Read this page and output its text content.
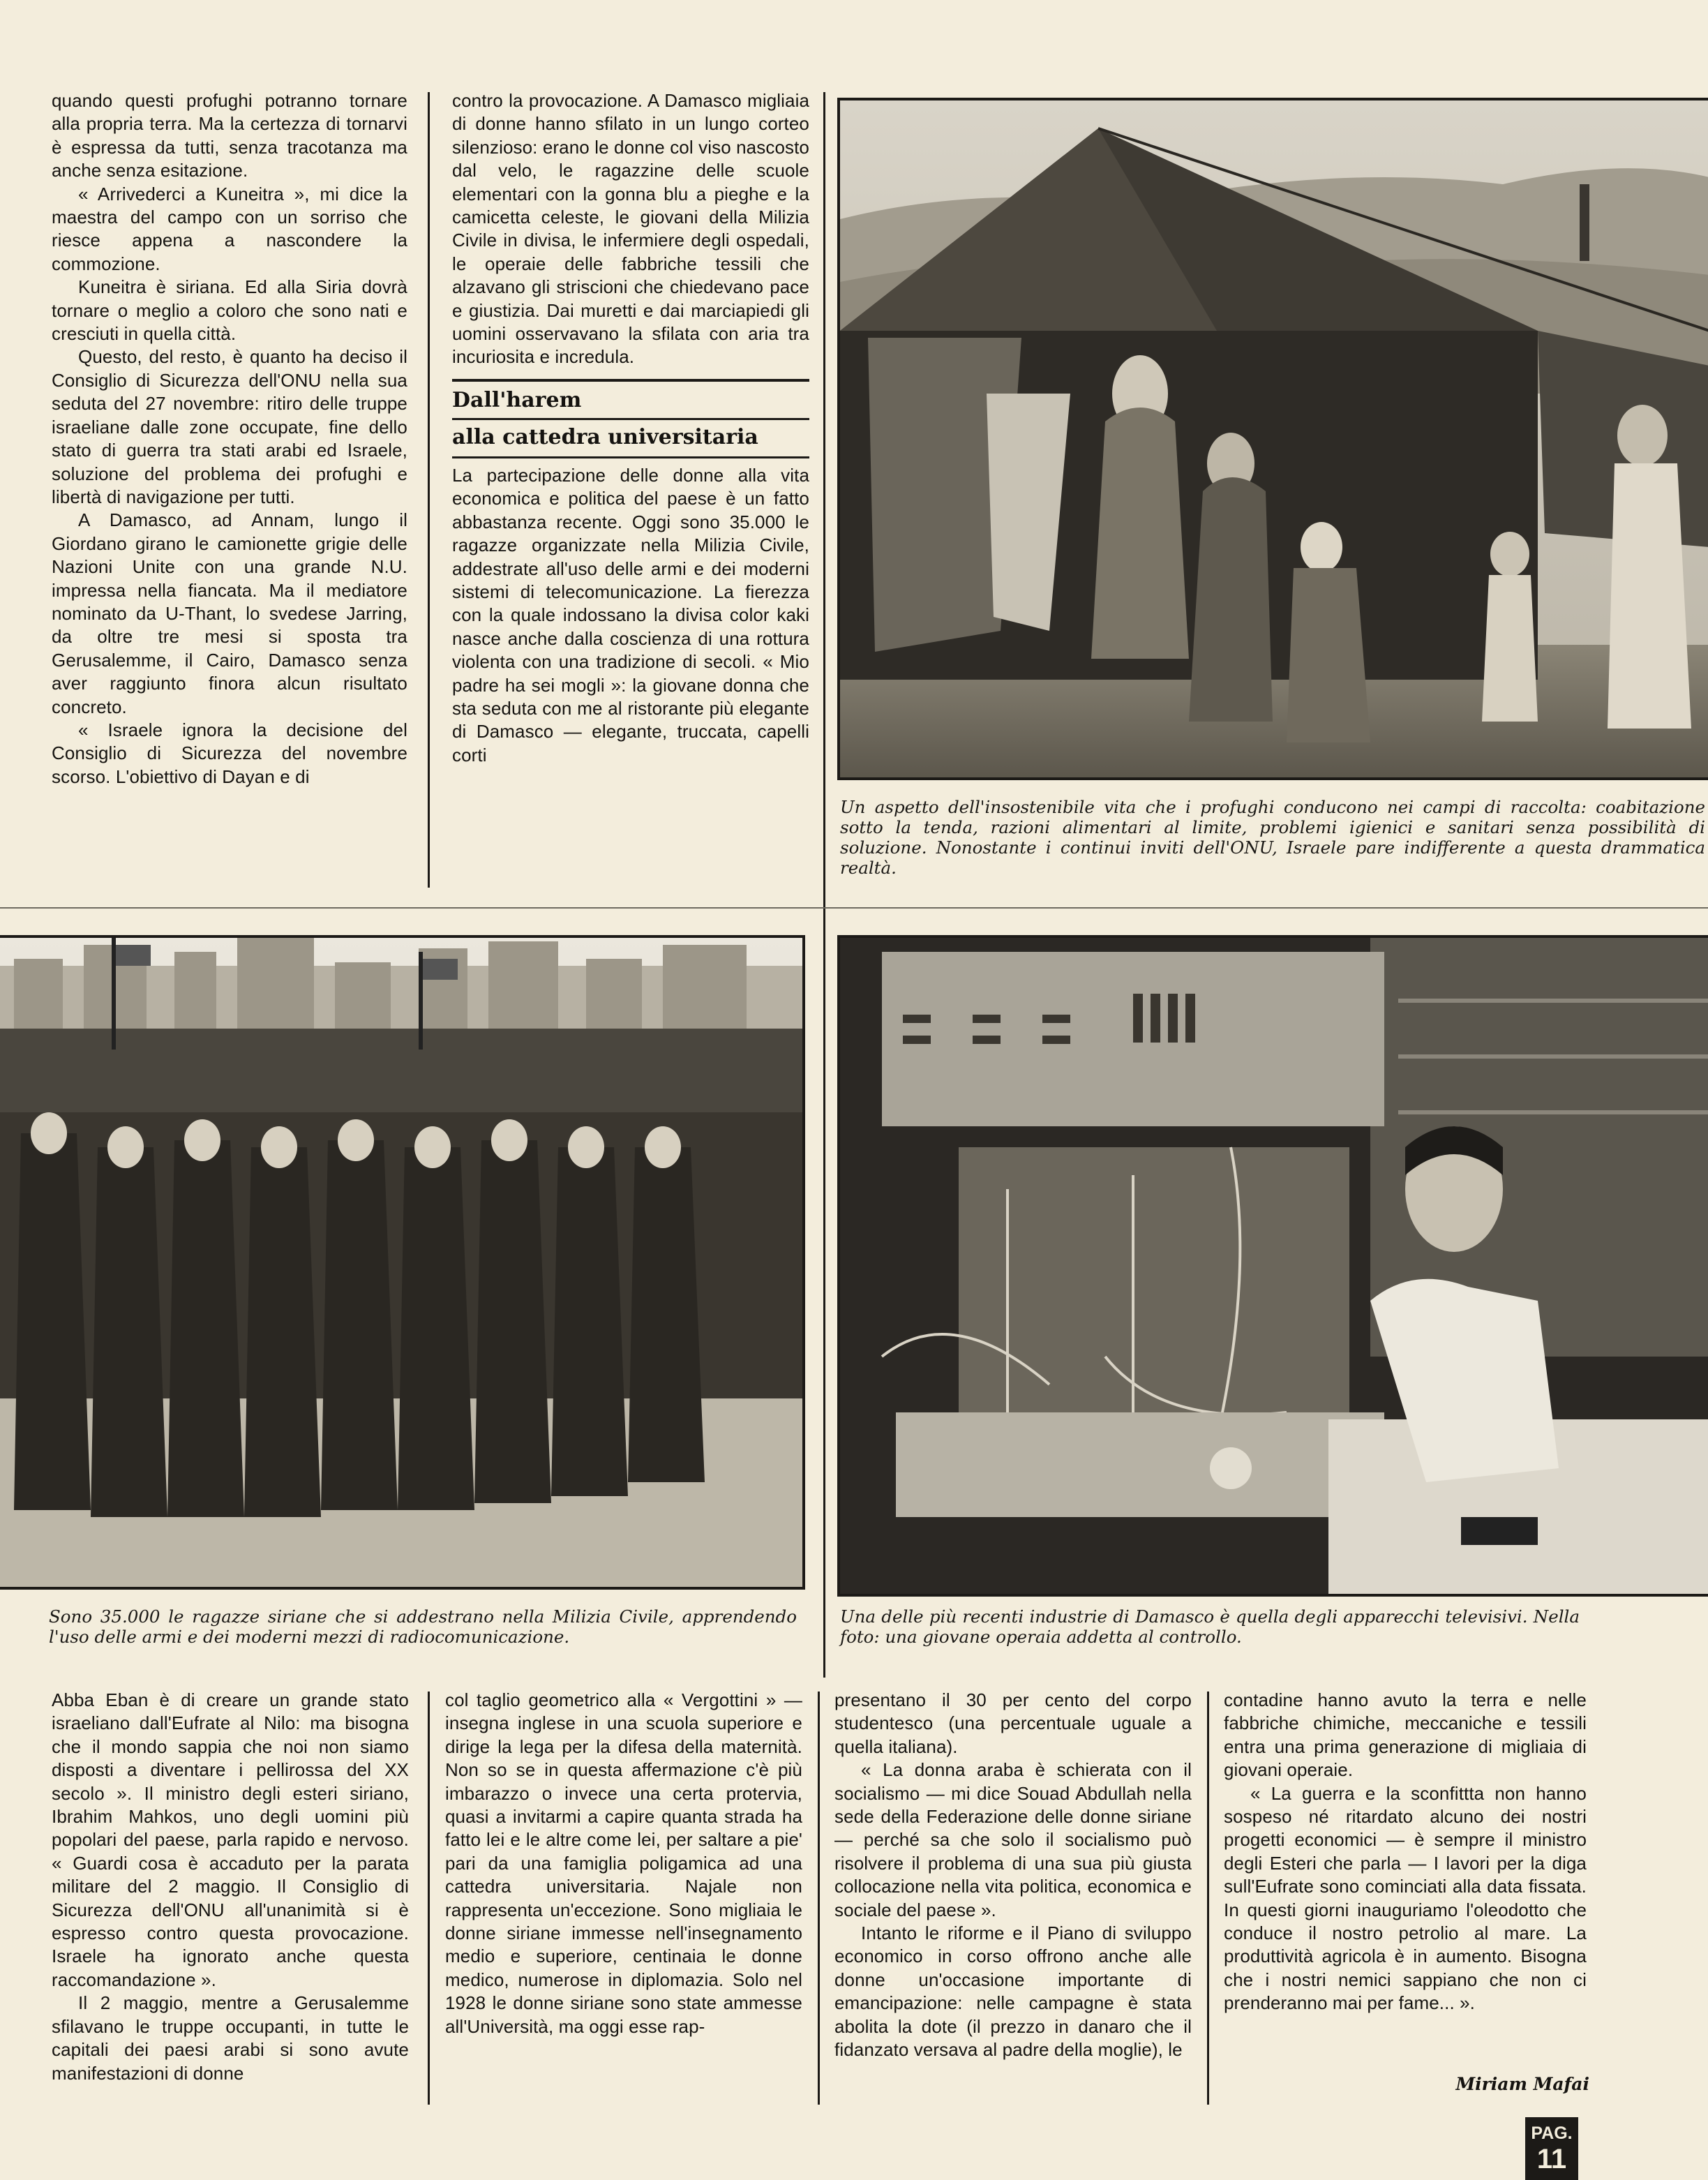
quando questi profughi potranno tornare alla propria terra. Ma la certezza di tornarvi è espressa da tutti, senza tracotanza ma anche senza esitazione.

« Arrivederci a Kuneitra », mi dice la maestra del campo con un sorriso che riesce appena a nascondere la commozione.

Kuneitra è siriana. Ed alla Siria dovrà tornare o meglio a coloro che sono nati e cresciuti in quella città.

Questo, del resto, è quanto ha deciso il Consiglio di Sicurezza dell'ONU nella sua seduta del 27 novembre: ritiro delle truppe israeliane dalle zone occupate, fine dello stato di guerra tra stati arabi ed Israele, soluzione del problema dei profughi e libertà di navigazione per tutti.

A Damasco, ad Annam, lungo il Giordano girano le camionette grigie delle Nazioni Unite con una grande N.U. impressa nella fiancata. Ma il mediatore nominato da U-Thant, lo svedese Jarring, da oltre tre mesi si sposta tra Gerusalemme, il Cairo, Damasco senza aver raggiunto finora alcun risultato concreto.

« Israele ignora la decisione del Consiglio di Sicurezza del novembre scorso. L'obiettivo di Dayan e di

contro la provocazione. A Damasco migliaia di donne hanno sfilato in un lungo corteo silenzioso: erano le donne col viso nascosto dal velo, le ragazzine delle scuole elementari con la gonna blu a pieghe e la camicetta celeste, le giovani della Milizia Civile in divisa, le infermiere degli ospedali, le operaie delle fabbriche tessili che alzavano gli striscioni che chiedevano pace e giustizia. Dai muretti e dai marciapiedi gli uomini osservavano la sfilata con aria tra incuriosita e incredula.

Dall'harem
alla cattedra universitaria

La partecipazione delle donne alla vita economica e politica del paese è un fatto abbastanza recente. Oggi sono 35.000 le ragazze organizzate nella Milizia Civile, addestrate all'uso delle armi e dei moderni sistemi di telecomunicazione. La fierezza con la quale indossano la divisa color kaki nasce anche dalla coscienza di una rottura violenta con una tradizione di secoli. « Mio padre ha sei mogli »: la giovane donna che sta seduta con me al ristorante più elegante di Damasco — elegante, truccata, capelli corti

Un aspetto dell'insostenibile vita che i profughi conducono nei campi di raccolta: coabitazione sotto la tenda, razioni alimentari al limite, problemi igienici e sanitari senza possibilità di soluzione. Nonostante i continui inviti dell'ONU, Israele pare indifferente a questa drammatica realtà.
Sono 35.000 le ragazze siriane che si addestrano nella Milizia Civile, apprendendo l'uso delle armi e dei moderni mezzi di radiocomunicazione.
Una delle più recenti industrie di Damasco è quella degli apparecchi televisivi. Nella foto: una giovane operaia addetta al controllo.

Abba Eban è di creare un grande stato israeliano dall'Eufrate al Nilo: ma bisogna che il mondo sappia che noi non siamo disposti a diventare i pellirossa del XX secolo ». Il ministro degli esteri siriano, Ibrahim Mahkos, uno degli uomini più popolari del paese, parla rapido e nervoso. « Guardi cosa è accaduto per la parata militare del 2 maggio. Il Consiglio di Sicurezza dell'ONU all'unanimità si è espresso contro questa provocazione. Israele ha ignorato anche questa raccomandazione ».

Il 2 maggio, mentre a Gerusalemme sfilavano le truppe occupanti, in tutte le capitali dei paesi arabi si sono avute manifestazioni di donne

col taglio geometrico alla « Vergottini » — insegna inglese in una scuola superiore e dirige la lega per la difesa della maternità. Non so se in questa affermazione c'è più imbarazzo o invece una certa protervia, quasi a invitarmi a capire quanta strada ha fatto lei e le altre come lei, per saltare a pie' pari da una famiglia poligamica ad una cattedra universitaria. Najale non rappresenta un'eccezione. Sono migliaia le donne siriane immesse nell'insegnamento medio e superiore, centinaia le donne medico, numerose in diplomazia. Solo nel 1928 le donne siriane sono state ammesse all'Università, ma oggi esse rap-

presentano il 30 per cento del corpo studentesco (una percentuale uguale a quella italiana).

« La donna araba è schierata con il socialismo — mi dice Souad Abdullah nella sede della Federazione delle donne siriane — perché sa che solo il socialismo può risolvere il problema di una sua più giusta collocazione nella vita politica, economica e sociale del paese ».

Intanto le riforme e il Piano di sviluppo economico in corso offrono anche alle donne un'occasione importante di emancipazione: nelle campagne è stata abolita la dote (il prezzo in danaro che il fidanzato versava al padre della moglie), le

contadine hanno avuto la terra e nelle fabbriche chimiche, meccaniche e tessili entra una prima generazione di migliaia di giovani operaie.

« La guerra e la sconfittta non hanno sospeso né ritardato alcuno dei nostri progetti economici — è sempre il ministro degli Esteri che parla — I lavori per la diga sull'Eufrate sono cominciati alla data fissata. In questi giorni inauguriamo l'oleodotto che conduce il nostro petrolio al mare. La produttività agricola è in aumento. Bisogna che i nostri nemici sappiano che non ci prenderanno mai per fame... ».

Miriam Mafai
PAG.
11
